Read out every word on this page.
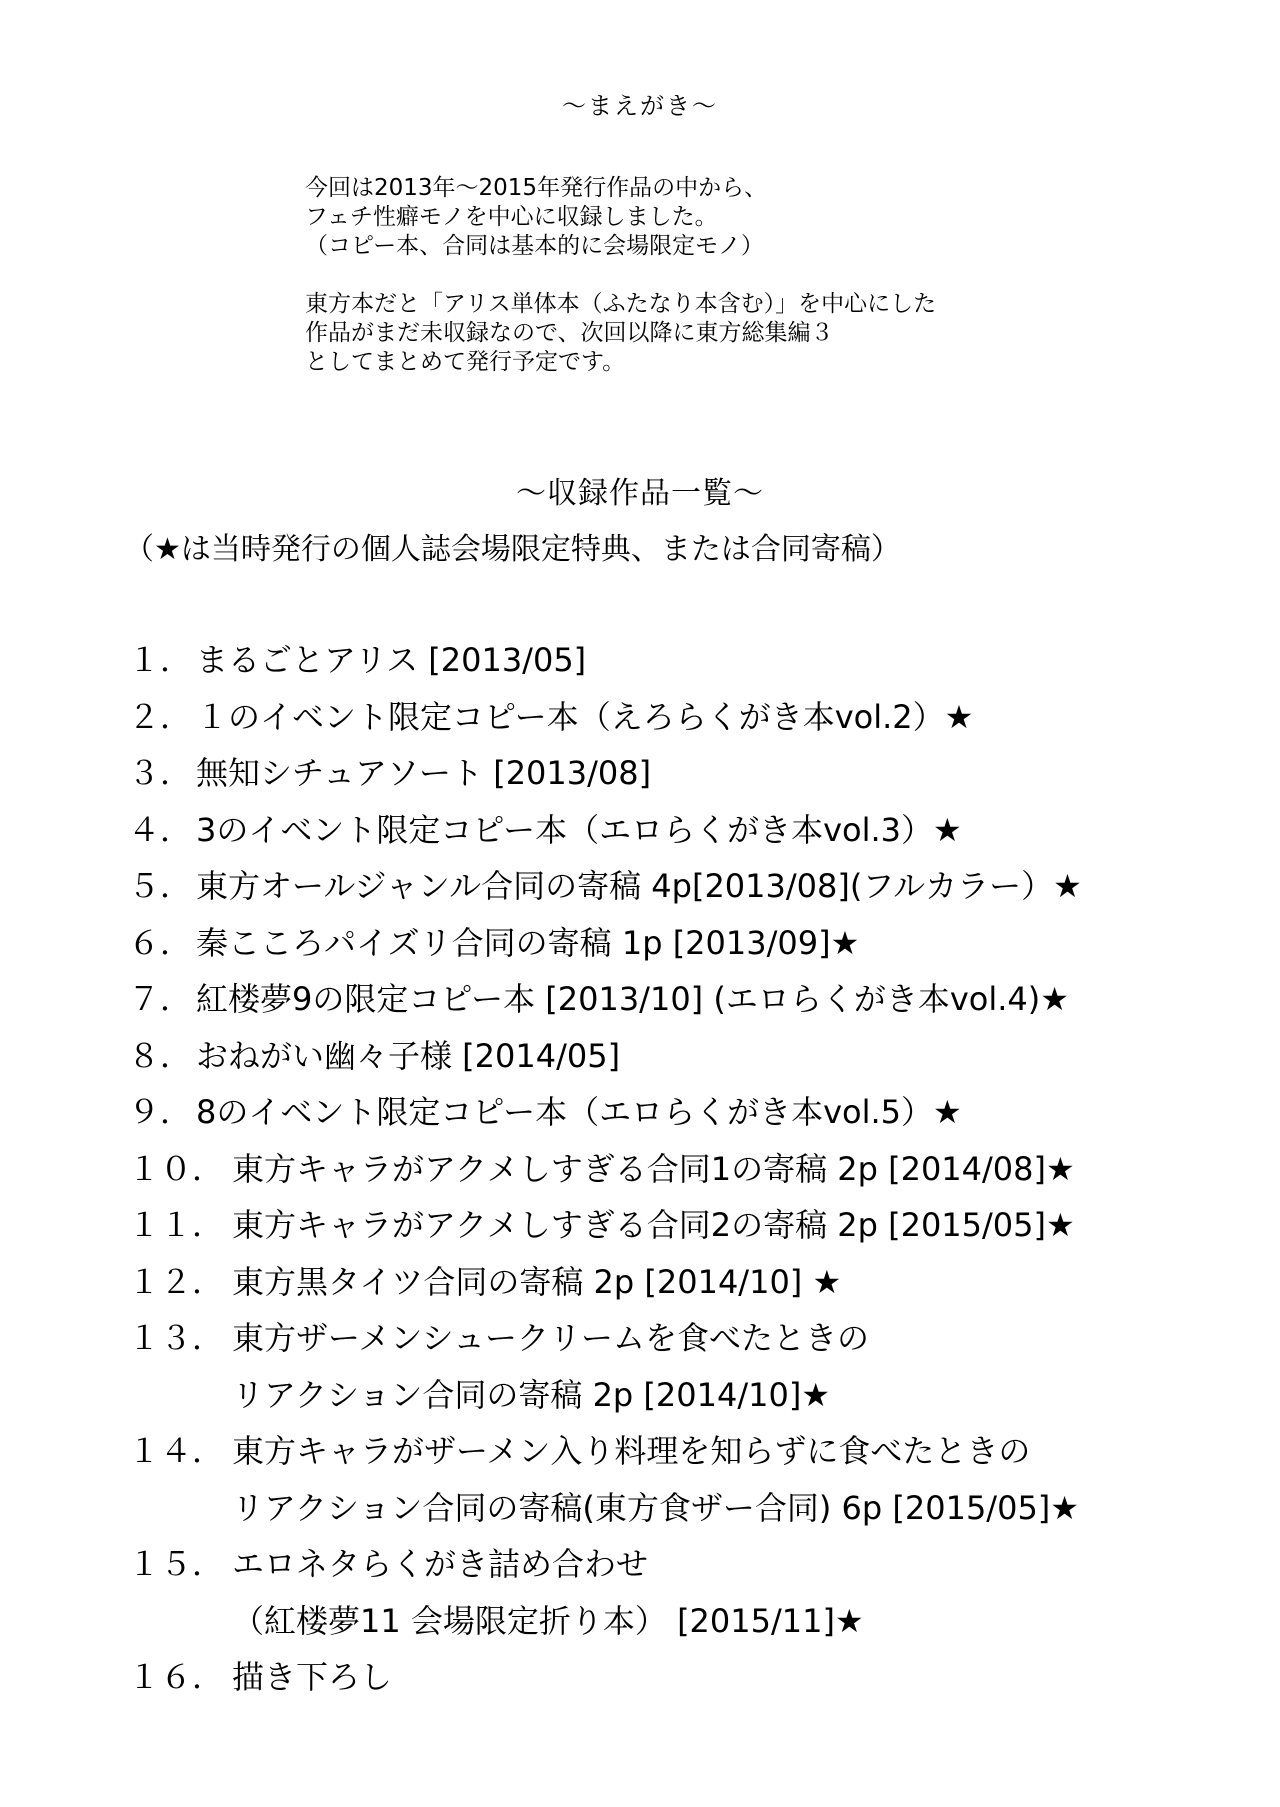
～まえがき～

今回は2013年～2015年発行作品の中から、

フェチ性癖モノを中心に収録しました。

（コピー本、合同は基本的に会場限定モノ）

東方本だと「アリス単体本（ふたなり本含む）」を中心にした

作品がまだ未収録なので、次回以降に東方総集編３

としてまとめて発行予定です。

～収録作品一覧～
（★は当時発行の個人誌会場限定特典、または合同寄稿）
１． まるごとアリス [2013/05]
２． １のイベント限定コピー本（えろらくがき本vol.2）★
３． 無知シチュアソート [2013/08]
４． 3のイベント限定コピー本（エロらくがき本vol.3）★
５． 東方オールジャンル合同の寄稿 4p[2013/08](フルカラー）★
６． 秦こころパイズリ合同の寄稿 1p [2013/09]★
７． 紅楼夢9の限定コピー本 [2013/10] (エロらくがき本vol.4)★
８． おねがい幽々子様 [2014/05]
９． 8のイベント限定コピー本（エロらくがき本vol.5）★
１０． 東方キャラがアクメしすぎる合同1の寄稿 2p [2014/08]★
１１． 東方キャラがアクメしすぎる合同2の寄稿 2p [2015/05]★
１２． 東方黒タイツ合同の寄稿 2p [2014/10] ★
１３． 東方ザーメンシュークリームを食べたときの
リアクション合同の寄稿 2p [2014/10]★
１４． 東方キャラがザーメン入り料理を知らずに食べたときの
リアクション合同の寄稿(東方食ザー合同) 6p [2015/05]★
１５． エロネタらくがき詰め合わせ
（紅楼夢11 会場限定折り本） [2015/11]★
１６． 描き下ろし
